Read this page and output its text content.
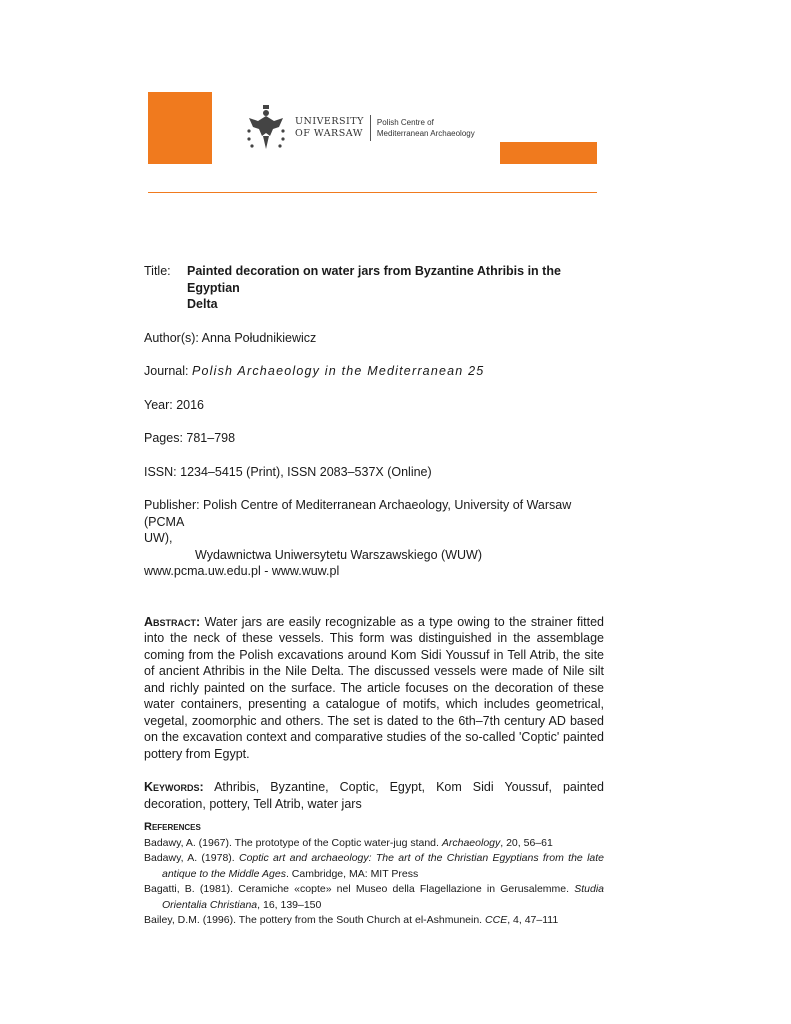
UNIVERSITY
OF WARSAW
Polish Centre of
Mediterranean Archaeology
Title:	Painted decoration on water jars from Byzantine Athribis in the Egyptian
Delta
Author(s): Anna Południkiewicz
Journal: Polish Archaeology in the Mediterranean 25
Year: 2016
Pages: 781–798
ISSN: 1234–5415 (Print), ISSN 2083–537X (Online)
Publisher: Polish Centre of Mediterranean Archaeology, University of Warsaw (PCMA
UW),
Wydawnictwa Uniwersytetu Warszawskiego (WUW)
www.pcma.uw.edu.pl - www.wuw.pl
Abstract: Water jars are easily recognizable as a type owing to the strainer fitted into the neck of these vessels. This form was distinguished in the assemblage coming from the Polish excavations around Kom Sidi Youssuf in Tell Atrib, the site of ancient Athribis in the Nile Delta. The discussed vessels were made of Nile silt and richly painted on the surface. The article focuses on the decoration of these water containers, presenting a catalogue of motifs, which includes geometrical, vegetal, zoomorphic and others. The set is dated to the 6th–7th century AD based on the excavation context and comparative studies of the so-called 'Coptic' painted pottery from Egypt.
Keywords: Athribis, Byzantine, Coptic, Egypt, Kom Sidi Youssuf, painted decoration, pottery, Tell Atrib, water jars
References
Badawy, A. (1967). The prototype of the Coptic water-jug stand. Archaeology, 20, 56–61
Badawy, A. (1978). Coptic art and archaeology: The art of the Christian Egyptians from the late antique to the Middle Ages. Cambridge, MA: MIT Press
Bagatti, B. (1981). Ceramiche «copte» nel Museo della Flagellazione in Gerusalemme. Studia Orientalia Christiana, 16, 139–150
Bailey, D.M. (1996). The pottery from the South Church at el-Ashmunein. CCE, 4, 47–111
